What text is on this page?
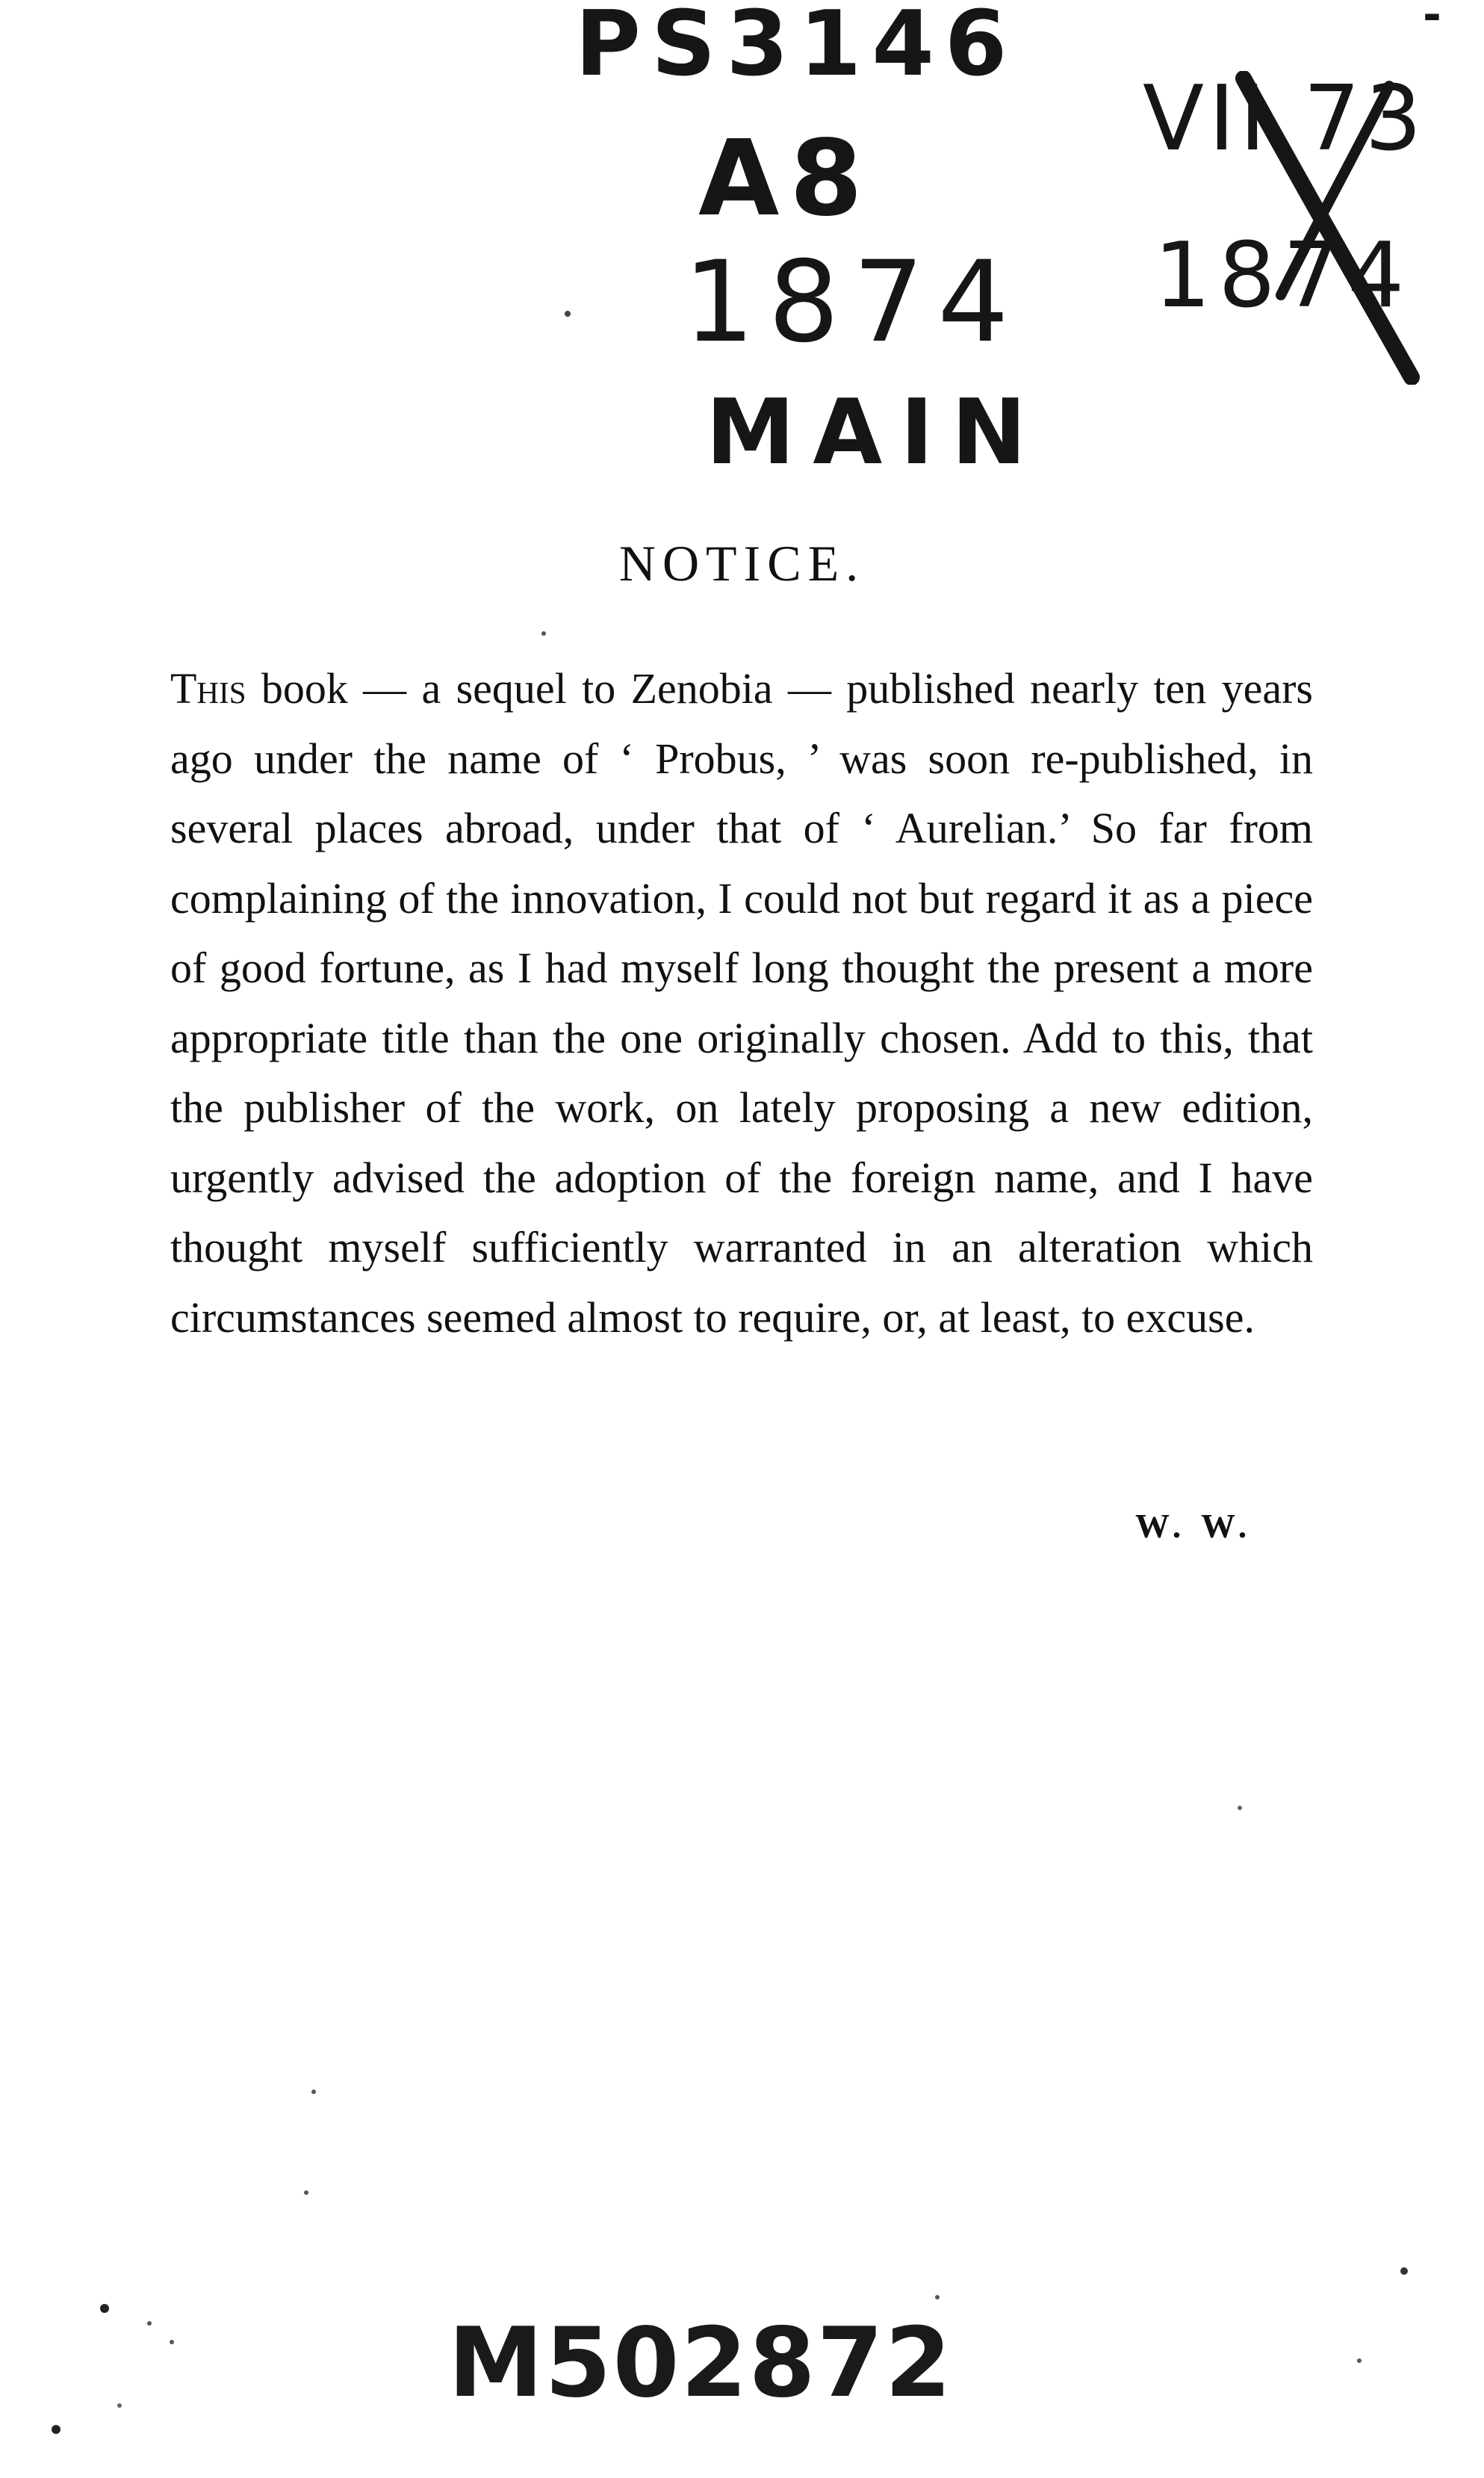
-
PS3146
A8
1874
MAIN
VII 73
1874
NOTICE.

This book — a sequel to Zenobia — published nearly ten years ago under the name of ‘ Probus, ’ was soon re-published, in several places abroad, under that of ‘ Aurelian.’ So far from complaining of the innovation, I could not but regard it as a piece of good fortune, as I had myself long thought the present a more appropriate title than the one originally chosen. Add to this, that the publisher of the work, on lately proposing a new edition, urgently advised the adoption of the foreign name, and I have thought myself sufficiently warranted in an alteration which circumstances seemed almost to require, or, at least, to excuse.

W. W.
M502872
